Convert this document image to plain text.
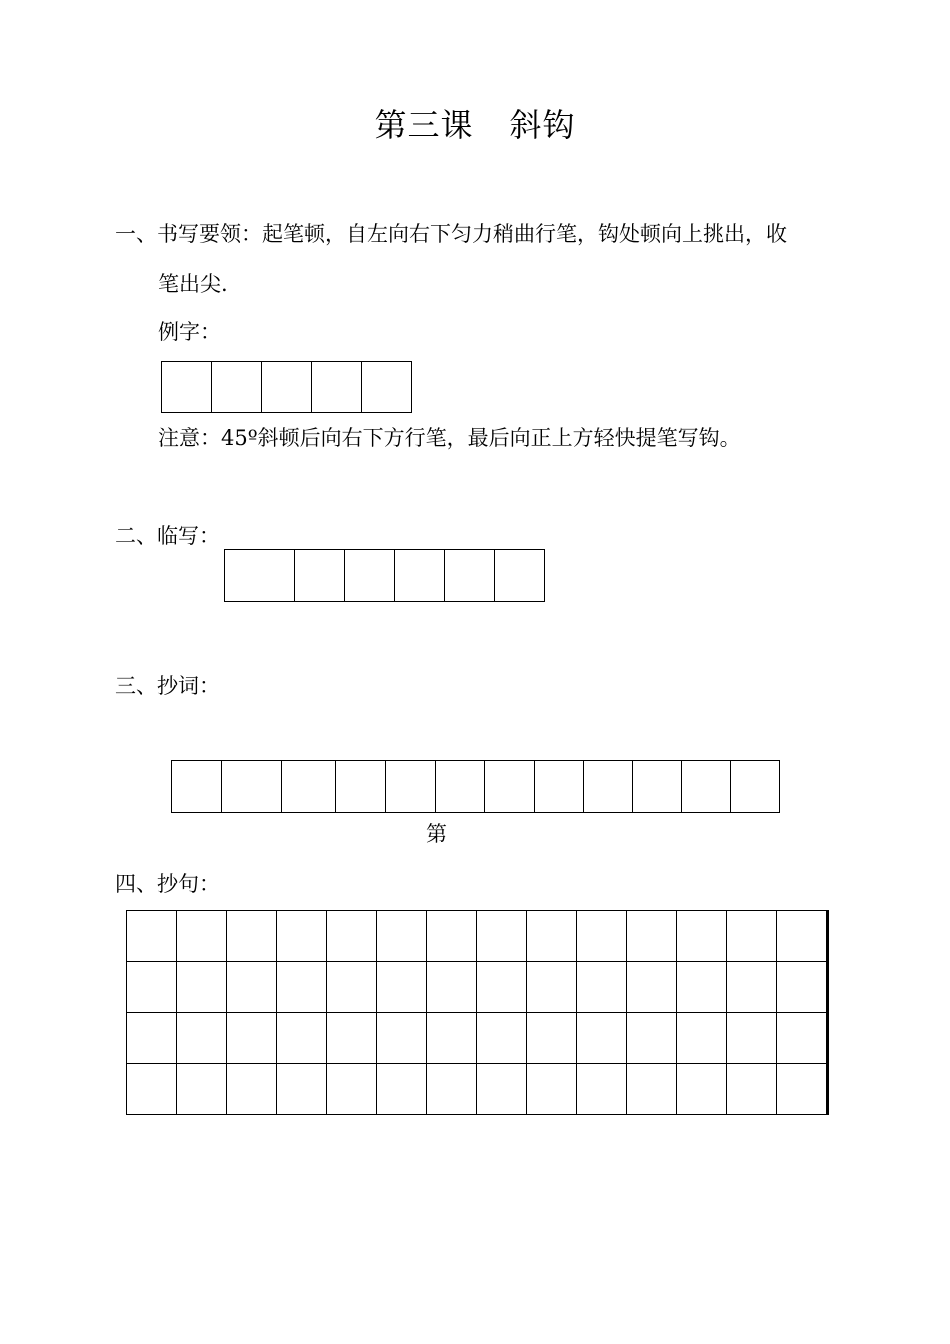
第三课 斜钩
一、书写要领：起笔顿，自左向右下匀力稍曲行笔，钩处顿向上挑出，收
笔出尖.
例字：

注意：45º斜顿后向右下方行笔，最后向正上方轻快提笔写钩。
二、临写：

三、抄词：

第
四、抄句：
